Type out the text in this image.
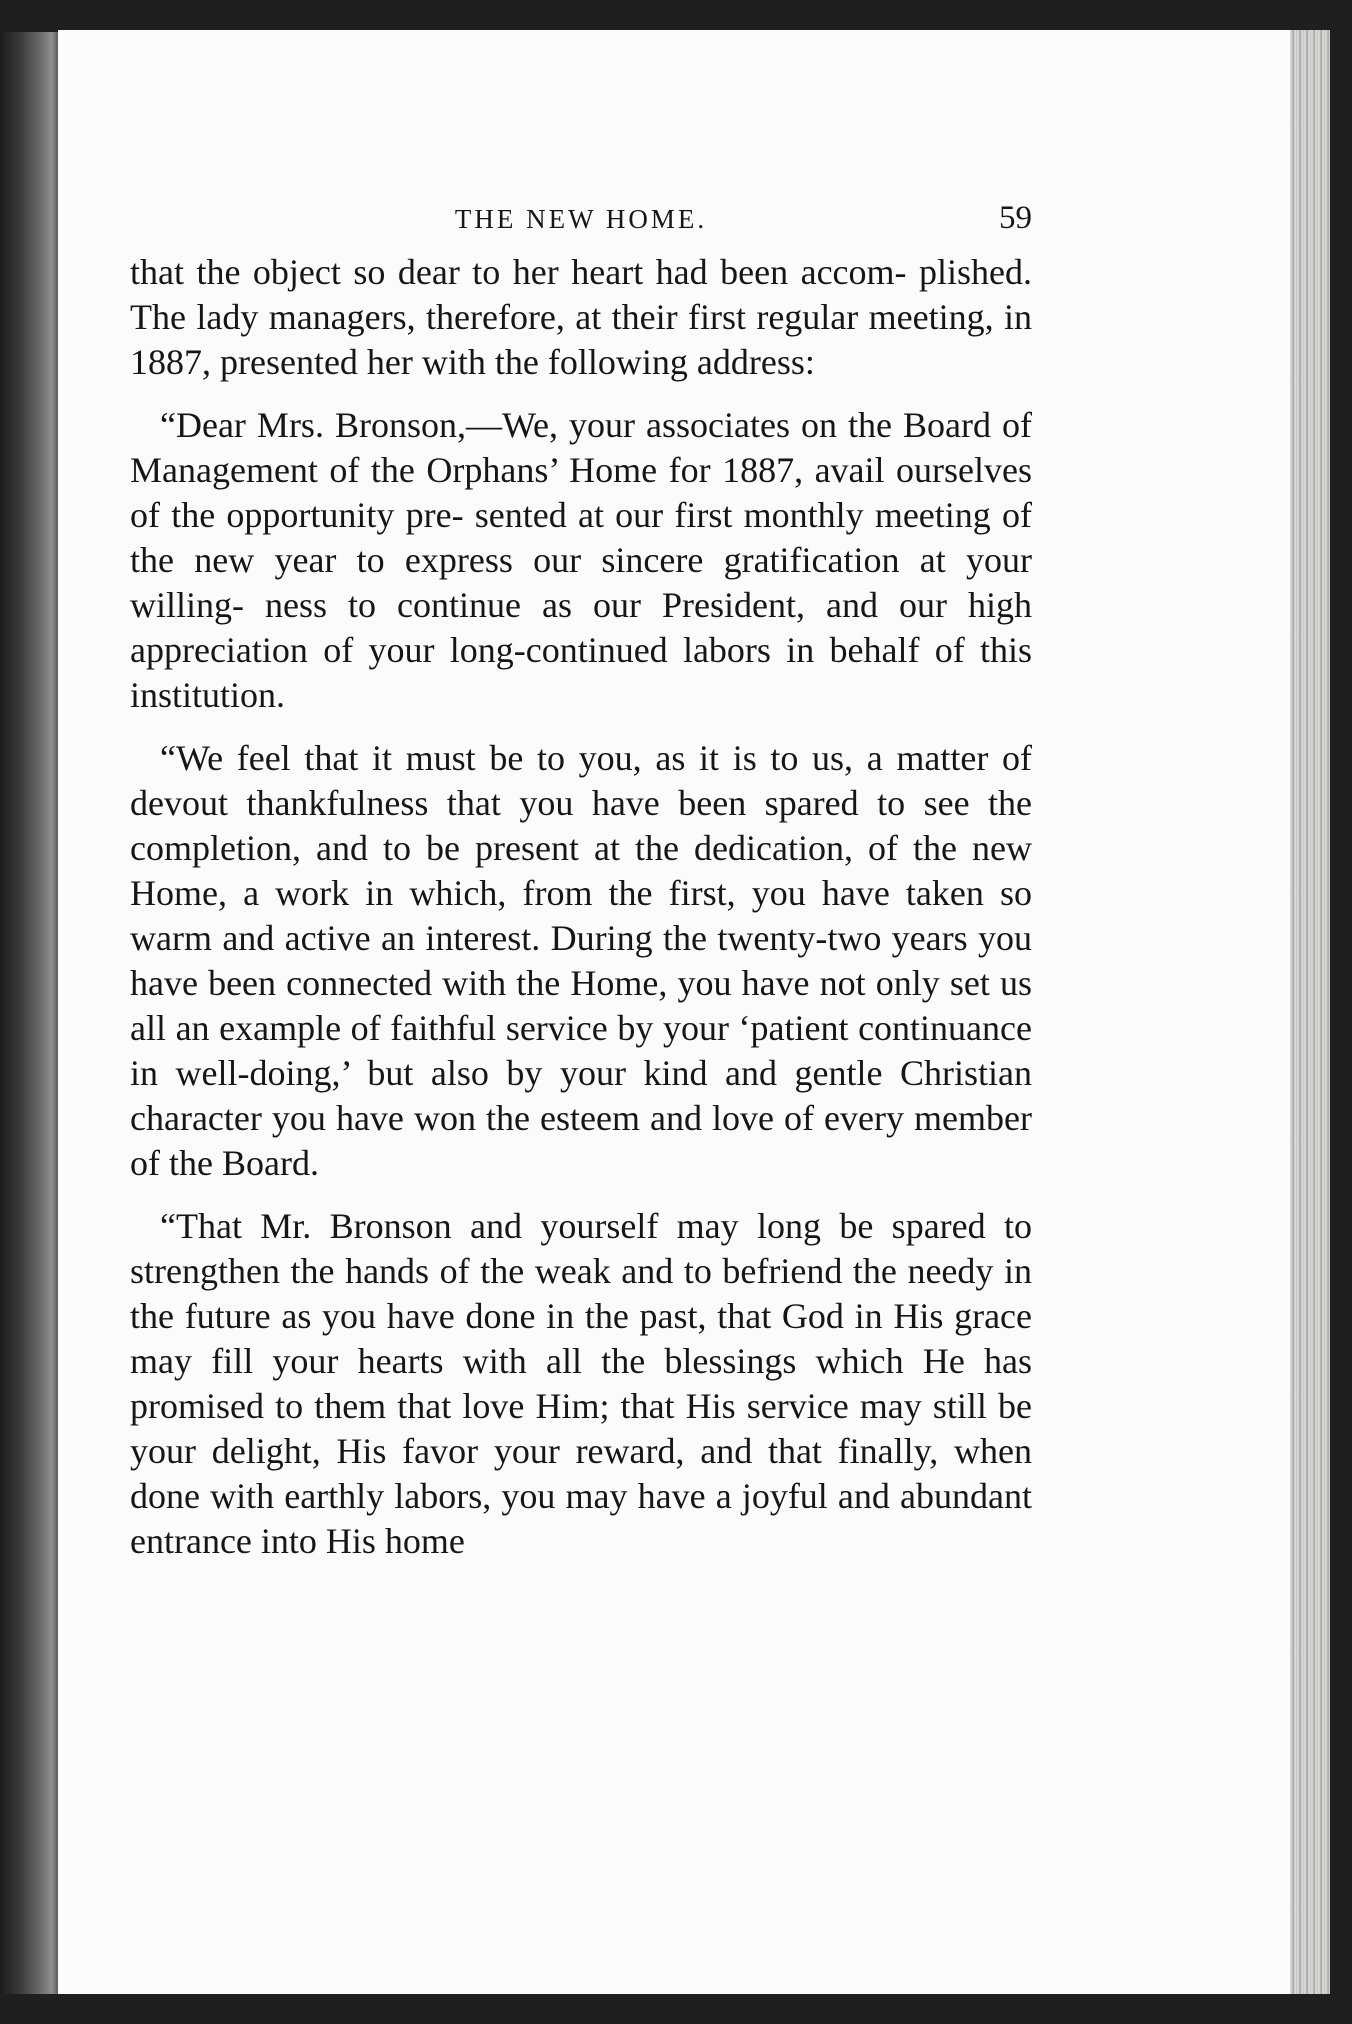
THE NEW HOME.	59

that the object so dear to her heart had been accom- plished. The lady managers, therefore, at their first regular meeting, in 1887, presented her with the following address:

“Dear Mrs. Bronson,—We, your associates on the Board of Management of the Orphans’ Home for 1887, avail ourselves of the opportunity pre- sented at our first monthly meeting of the new year to express our sincere gratification at your willing- ness to continue as our President, and our high appreciation of your long-continued labors in behalf of this institution.

“We feel that it must be to you, as it is to us, a matter of devout thankfulness that you have been spared to see the completion, and to be present at the dedication, of the new Home, a work in which, from the first, you have taken so warm and active an interest. During the twenty-two years you have been connected with the Home, you have not only set us all an example of faithful service by your ‘patient continuance in well-doing,’ but also by your kind and gentle Christian character you have won the esteem and love of every member of the Board.

“That Mr. Bronson and yourself may long be spared to strengthen the hands of the weak and to befriend the needy in the future as you have done in the past, that God in His grace may fill your hearts with all the blessings which He has promised to them that love Him; that His service may still be your delight, His favor your reward, and that finally, when done with earthly labors, you may have a joyful and abundant entrance into His home
